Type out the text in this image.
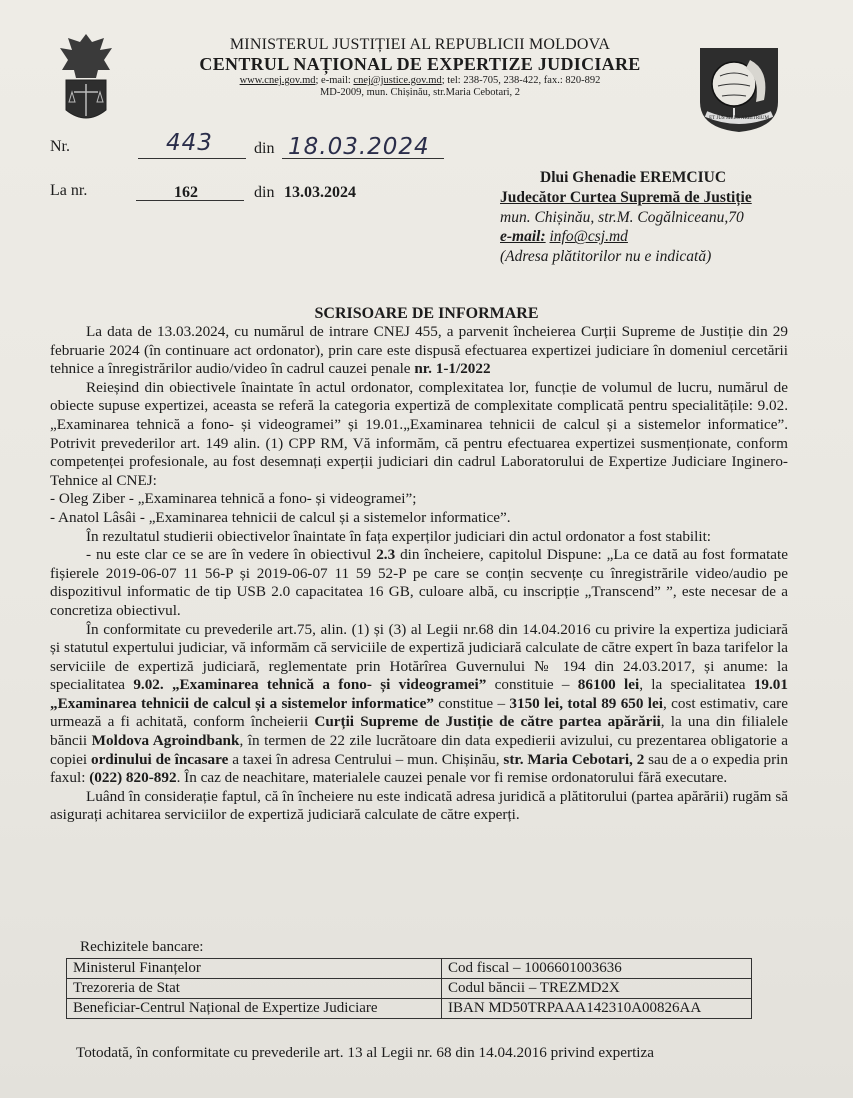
ET JUS MEUS ARBITRIUM
MINISTERUL JUSTIȚIEI AL REPUBLICII MOLDOVA
CENTRUL NAȚIONAL DE EXPERTIZE JUDICIARE
www.cnej.gov.md; e-mail: cnej@justice.gov.md; tel: 238-705, 238-422, fax.: 820-892
MD-2009, mun. Chișinău, str.Maria Cebotari, 2
Nr.	443	din 18.03.2024
La nr.	162	din 13.03.2024
Dlui Ghenadie EREMCIUC
Judecător Curtea Supremă de Justiție
mun. Chișinău, str.M. Cogălniceanu,70
e-mail: info@csj.md
(Adresa plătitorilor nu e indicată)
SCRISOARE DE INFORMARE

La data de 13.03.2024, cu numărul de intrare CNEJ 455, a parvenit încheierea Curții Supreme de Justiție din 29 februarie 2024 (în continuare act ordonator), prin care este dispusă efectuarea expertizei judiciare în domeniul cercetării tehnice a înregistrărilor audio/video în cadrul cauzei penale nr. 1-1/2022

Reieșind din obiectivele înaintate în actul ordonator, complexitatea lor, funcție de volumul de lucru, numărul de obiecte supuse expertizei, aceasta se referă la categoria expertiză de complexitate complicată pentru specialitățile: 9.02. „Examinarea tehnică a fono- și videogramei” și 19.01.„Examinarea tehnicii de calcul și a sistemelor informatice”. Potrivit prevederilor art. 149 alin. (1) CPP RM, Vă informăm, că pentru efectuarea expertizei susmenționate, conform competenței profesionale, au fost desemnați experții judiciari din cadrul Laboratorului de Expertize Judiciare Inginero-Tehnice al CNEJ:

- Oleg Ziber - „Examinarea tehnică a fono- și videogramei”;

- Anatol Lâsâi - „Examinarea tehnicii de calcul și a sistemelor informatice”.

În rezultatul studierii obiectivelor înaintate în fața experților judiciari din actul ordonator a fost stabilit:

- nu este clar ce se are în vedere în obiectivul 2.3 din încheiere, capitolul Dispune: „La ce dată au fost formatate fișierele 2019-06-07 11 56-P și 2019-06-07 11 59 52-P pe care se conțin secvențe cu înregistrările video/audio pe dispozitivul informatic de tip USB 2.0 capacitatea 16 GB, culoare albă, cu inscripție „Transcend” ”, este necesar de a concretiza obiectivul.

În conformitate cu prevederile art.75, alin. (1) și (3) al Legii nr.68 din 14.04.2016 cu privire la expertiza judiciară și statutul expertului judiciar, vă informăm că serviciile de expertiză judiciară calculate de către expert în baza tarifelor la serviciile de expertiză judiciară, reglementate prin Hotărîrea Guvernului № 194 din 24.03.2017, și anume: la specialitatea 9.02. „Examinarea tehnică a fono- și videogramei” constituie – 86100 lei, la specialitatea 19.01 „Examinarea tehnicii de calcul și a sistemelor informatice” constitue – 3150 lei, total 89 650 lei, cost estimativ, care urmează a fi achitată, conform încheierii Curții Supreme de Justiție de către partea apărării, la una din filialele băncii Moldova Agroindbank, în termen de 22 zile lucrătoare din data expedierii avizului, cu prezentarea obligatorie a copiei ordinului de încasare a taxei în adresa Centrului – mun. Chișinău, str. Maria Cebotari, 2 sau de a o expedia prin faxul: (022) 820-892. În caz de neachitare, materialele cauzei penale vor fi remise ordonatorului fără executare.

Luând în considerație faptul, că în încheiere nu este indicată adresa juridică a plătitorului (partea apărării) rugăm să asigurați achitarea serviciilor de expertiză judiciară calculate de către experți.

Rechizitele bancare:
Ministerul Finanțelor	Cod fiscal – 1006601003636
Trezoreria de Stat	Codul băncii – TREZMD2X
Beneficiar-Centrul Național de Expertize Judiciare	IBAN MD50TRPAAA142310A00826AA
Totodată, în conformitate cu prevederile art. 13 al Legii nr. 68 din 14.04.2016 privind expertiza
